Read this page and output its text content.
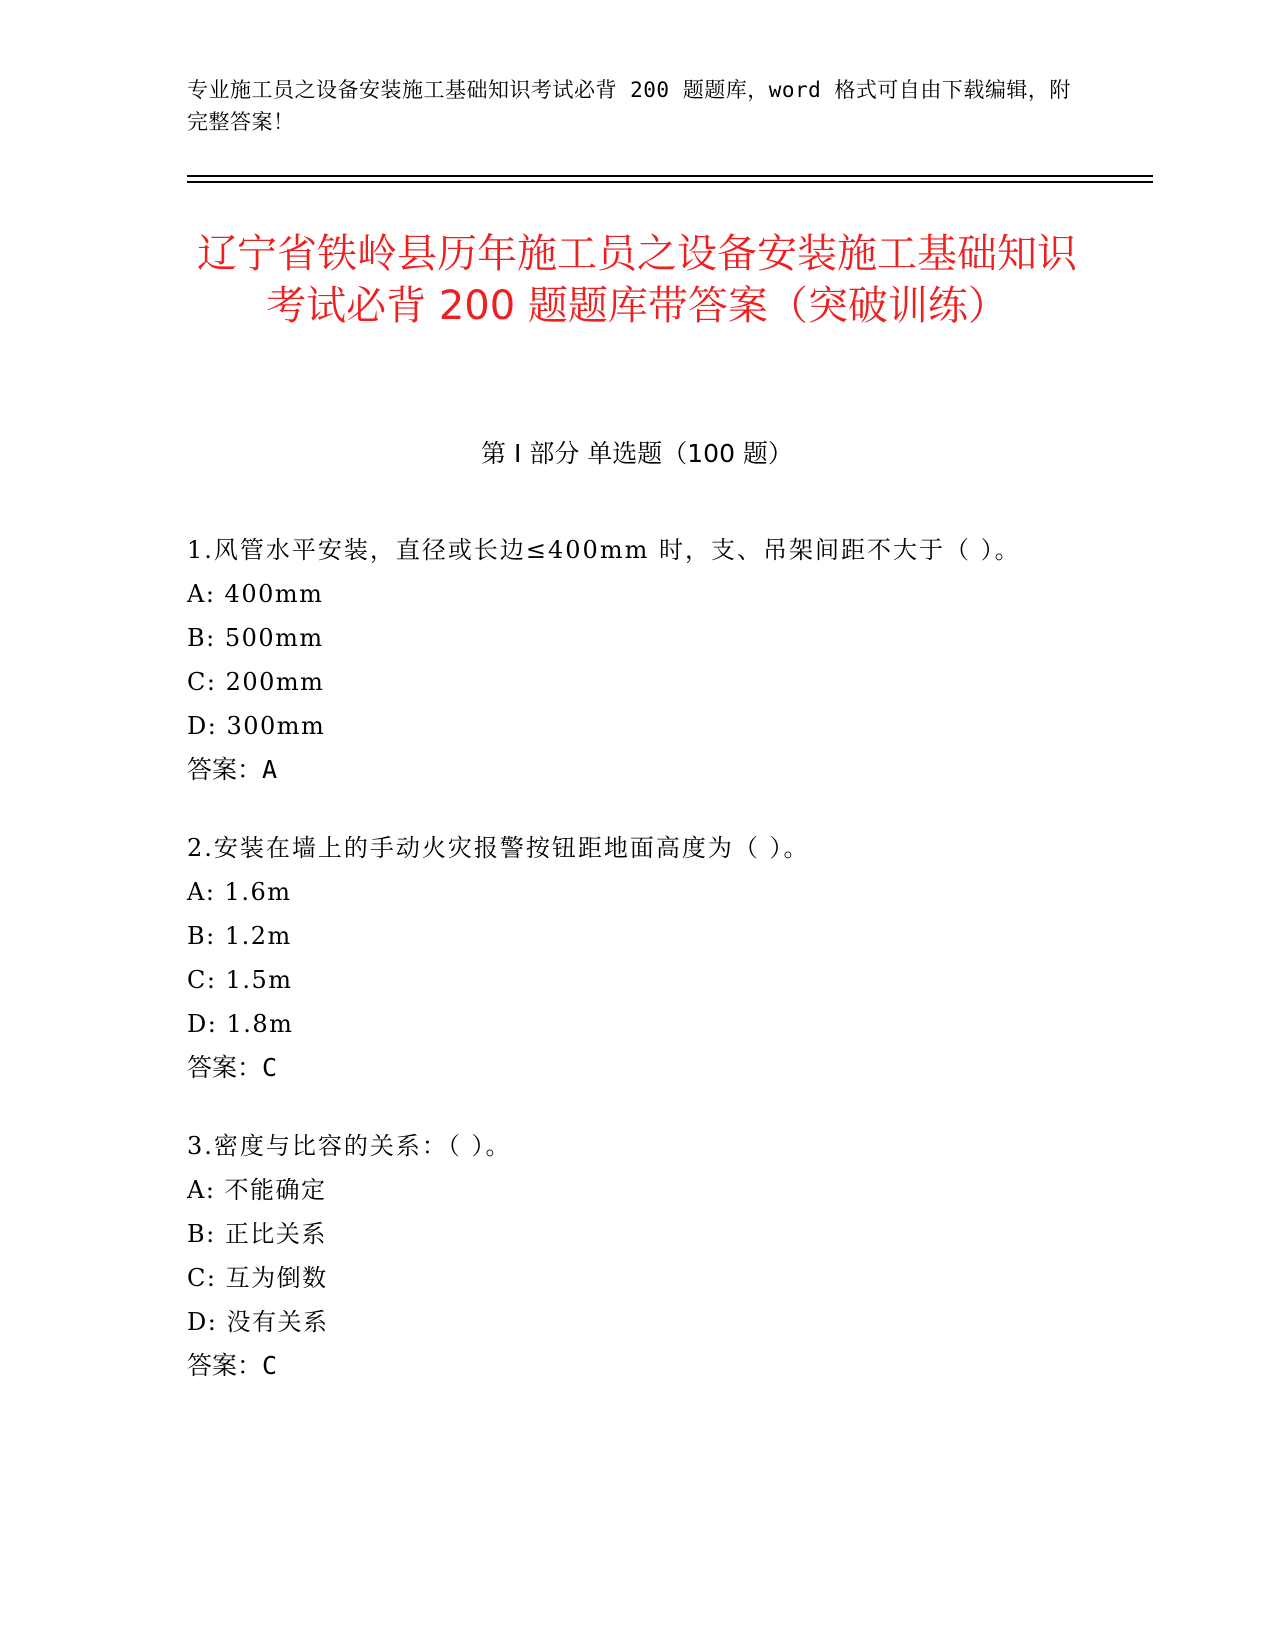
专业施工员之设备安装施工基础知识考试必背 200 题题库，word 格式可自由下载编辑，附完整答案！
辽宁省铁岭县历年施工员之设备安装施工基础知识考试必背 200 题题库带答案（突破训练）
第 I 部分 单选题（100 题）
1.风管水平安装，直径或长边≤400mm 时，支、吊架间距不大于（ ）。
A: 400mm
B: 500mm
C: 200mm
D: 300mm
答案：A
2.安装在墙上的手动火灾报警按钮距地面高度为（ ）。
A: 1.6m
B: 1.2m
C: 1.5m
D: 1.8m
答案：C
3.密度与比容的关系：（ ）。
A: 不能确定
B: 正比关系
C: 互为倒数
D: 没有关系
答案：C
